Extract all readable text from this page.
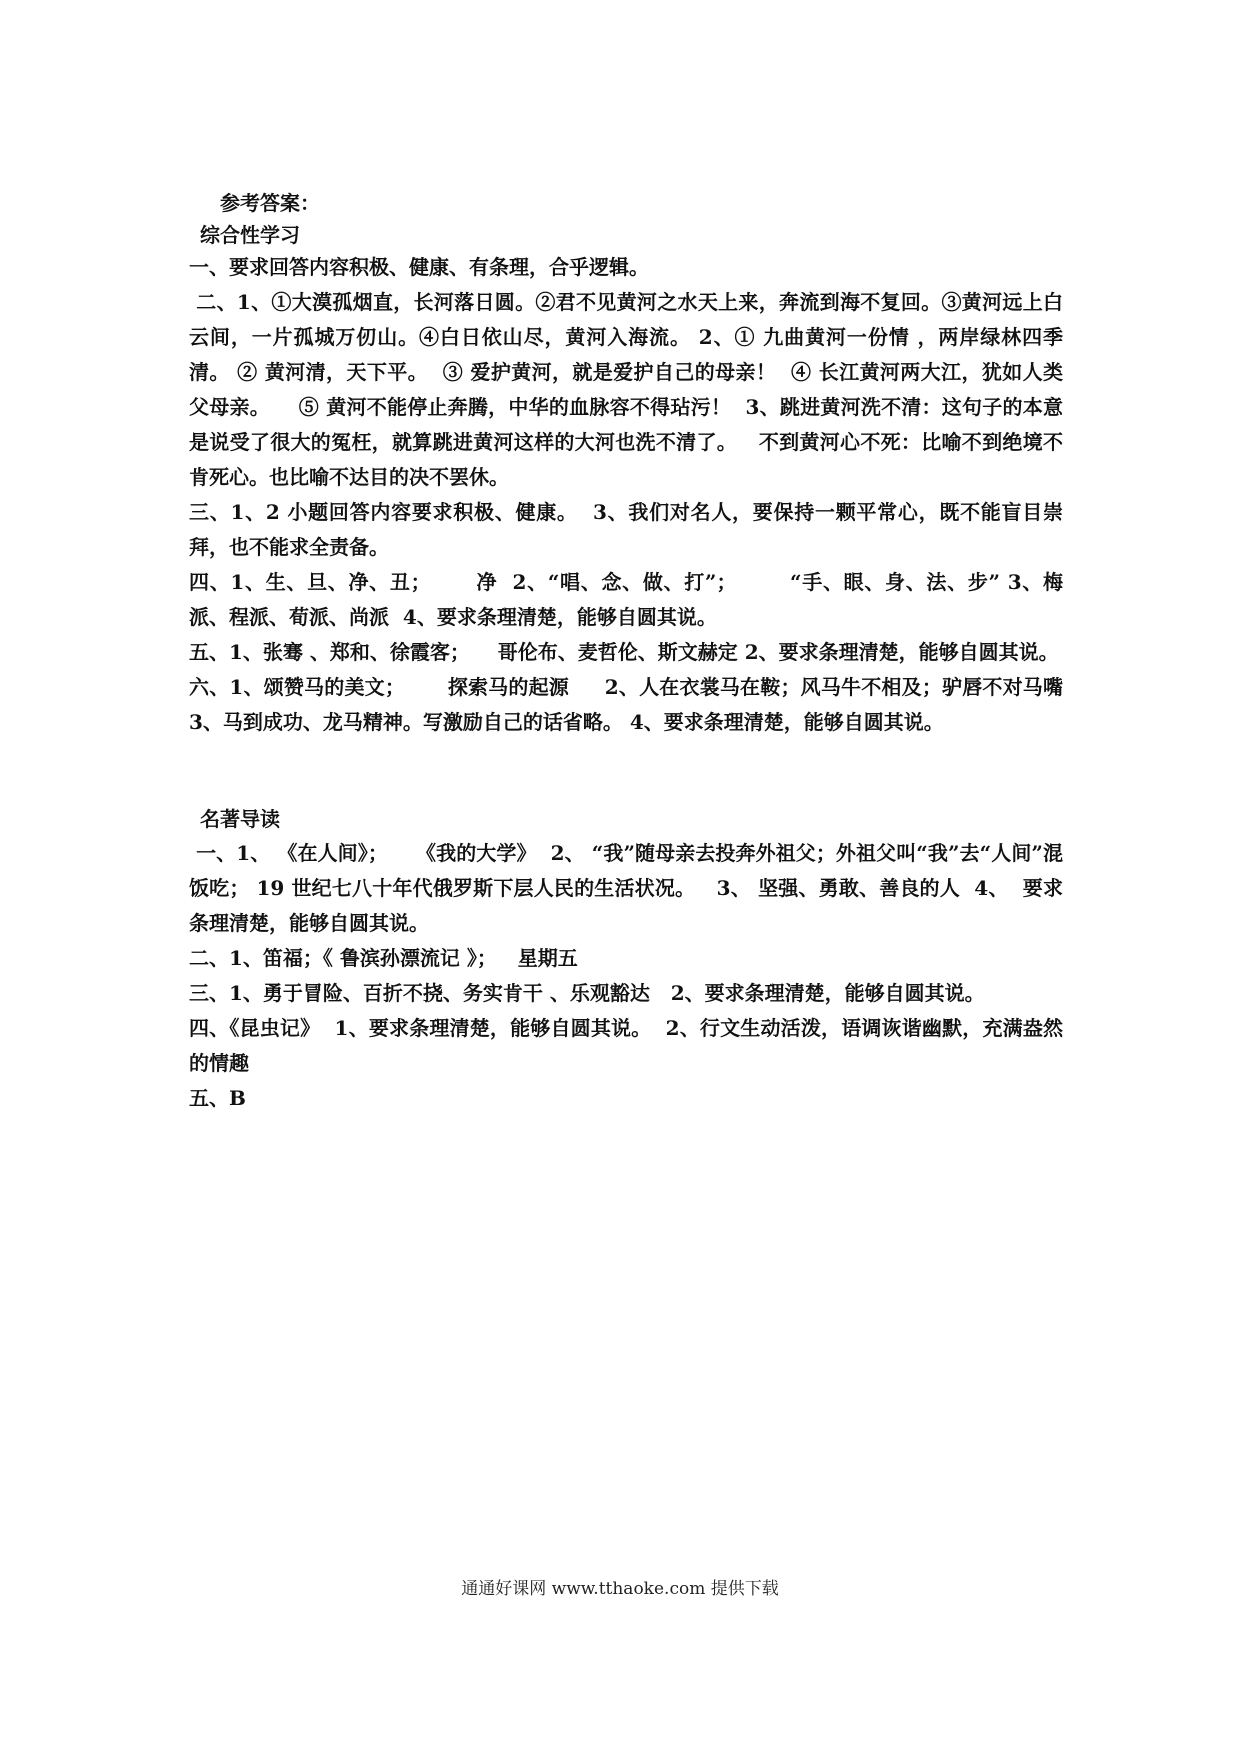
参考答案：
综合性学习

一、要求回答内容积极、健康、有条理，合乎逻辑。

二、1、①大漠孤烟直，长河落日圆。②君不见黄河之水天上来，奔流到海不复回。③黄河远上白云间，一片孤城万仞山。④白日依山尽，黄河入海流。 2、① 九曲黄河一份情 ，两岸绿林四季清。 ② 黄河清，天下平。  ③ 爱护黄河，就是爱护自己的母亲！  ④ 长江黄河两大江，犹如人类父母亲。    ⑤ 黄河不能停止奔腾，中华的血脉容不得玷污！  3、跳进黄河洗不清：这句子的本意是说受了很大的冤枉，就算跳进黄河这样的大河也洗不清了。   不到黄河心不死：比喻不到绝境不肯死心。也比喻不达目的决不罢休。

三、1、2 小题回答内容要求积极、健康。  3、我们对名人，要保持一颗平常心，既不能盲目崇拜，也不能求全责备。

四、1、生、旦、净、丑；      净  2、“唱、念、做、打”；       “手、眼、身、法、步” 3、梅派、程派、荀派、尚派  4、要求条理清楚，能够自圆其说。

五、1、张骞 、郑和、徐霞客；    哥伦布、麦哲伦、斯文赫定 2、要求条理清楚，能够自圆其说。

六、1、颂赞马的美文；      探索马的起源     2、人在衣裳马在鞍；风马牛不相及；驴唇不对马嘴 3、马到成功、龙马精神。写激励自己的话省略。 4、要求条理清楚，能够自圆其说。

名著导读

一、1、 《在人间》；    《我的大学》  2、 “我”随母亲去投奔外祖父；外祖父叫“我”去“人间”混饭吃； 19 世纪七八十年代俄罗斯下层人民的生活状况。   3、 坚强、勇敢、善良的人  4、  要求条理清楚，能够自圆其说。

二、1、笛福；《 鲁滨孙漂流记 》；   星期五

三、1、勇于冒险、百折不挠、务实肯干 、乐观豁达   2、要求条理清楚，能够自圆其说。

四、《昆虫记》  1、要求条理清楚，能够自圆其说。  2、行文生动活泼，语调诙谐幽默，充满盎然的情趣

五、B

通通好课网 www.tthaoke.com 提供下载
